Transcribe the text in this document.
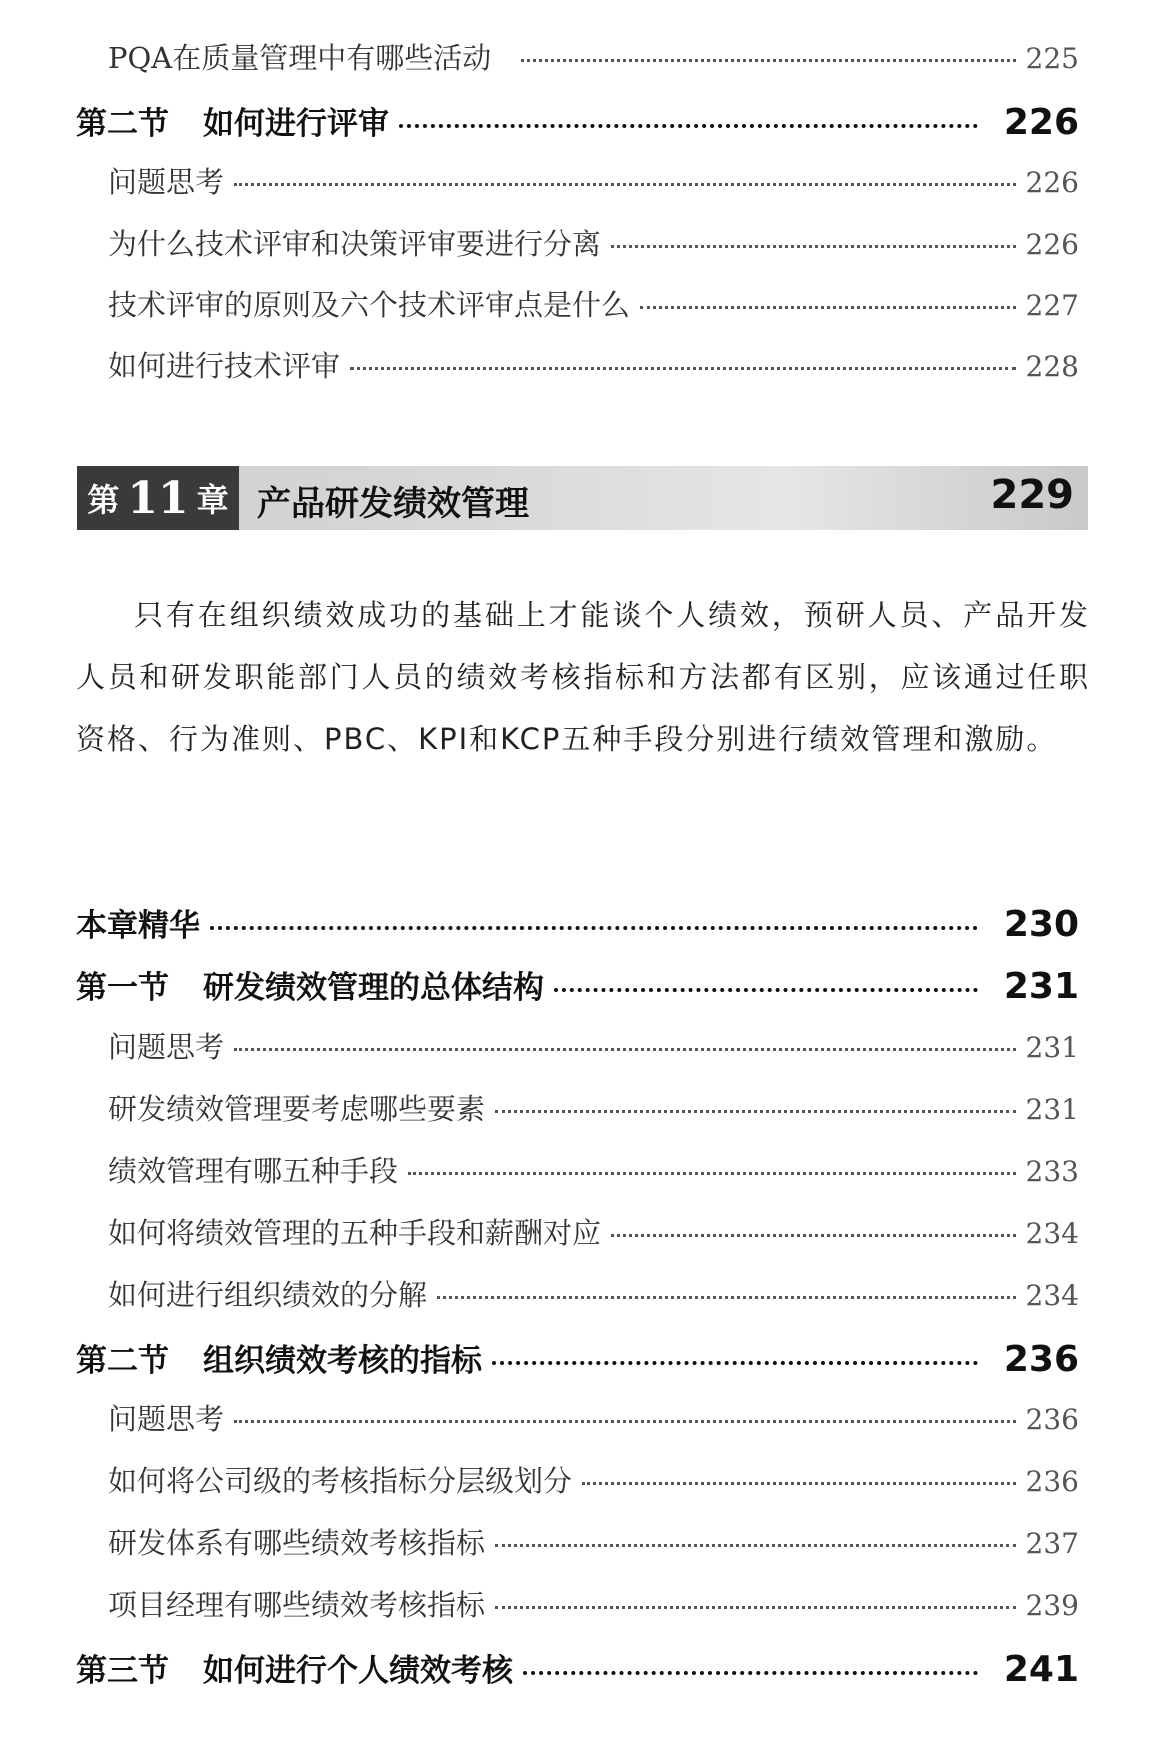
PQA在质量管理中有哪些活动	225
第二节 如何进行评审	226
问题思考	226
为什么技术评审和决策评审要进行分离	226
技术评审的原则及六个技术评审点是什么	227
如何进行技术评审	228
第 11 章 产品研发绩效管理	229
只有在组织绩效成功的基础上才能谈个人绩效，预研人员、产品开发人员和研发职能部门人员的绩效考核指标和方法都有区别，应该通过任职资格、行为准则、PBC、KPI和KCP五种手段分别进行绩效管理和激励。
本章精华	230
第一节 研发绩效管理的总体结构	231
问题思考	231
研发绩效管理要考虑哪些要素	231
绩效管理有哪五种手段	233
如何将绩效管理的五种手段和薪酬对应	234
如何进行组织绩效的分解	234
第二节 组织绩效考核的指标	236
问题思考	236
如何将公司级的考核指标分层级划分	236
研发体系有哪些绩效考核指标	237
项目经理有哪些绩效考核指标	239
第三节 如何进行个人绩效考核	241
